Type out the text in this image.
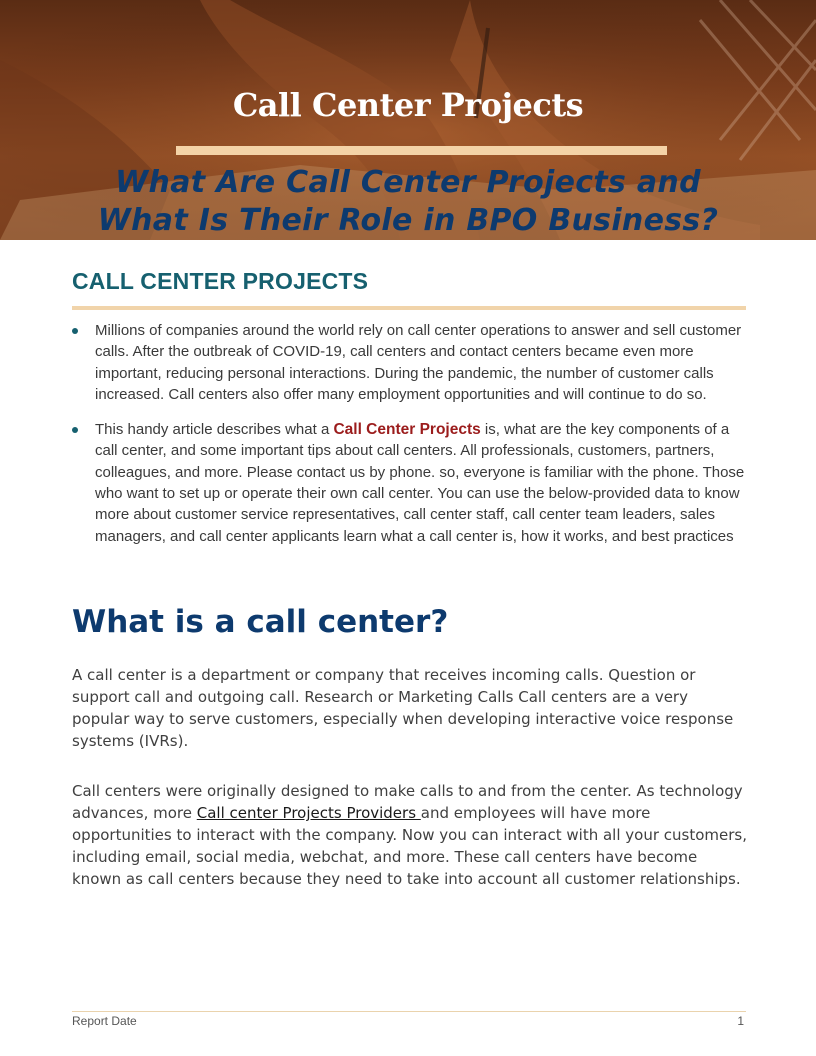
Call Center Projects
What Are Call Center Projects and
What Is Their Role in BPO Business?
CALL CENTER PROJECTS
Millions of companies around the world rely on call center operations to answer and sell customer calls. After the outbreak of COVID-19, call centers and contact centers became even more important, reducing personal interactions. During the pandemic, the number of customer calls increased. Call centers also offer many employment opportunities and will continue to do so.
This handy article describes what a Call Center Projects is, what are the key components of a call center, and some important tips about call centers. All professionals, customers, partners, colleagues, and more. Please contact us by phone. so, everyone is familiar with the phone. Those who want to set up or operate their own call center. You can use the below-provided data to know more about customer service representatives, call center staff, call center team leaders, sales managers, and call center applicants learn what a call center is, how it works, and best practices
What is a call center?

A call center is a department or company that receives incoming calls. Question or support call and outgoing call. Research or Marketing Calls Call centers are a very popular way to serve customers, especially when developing interactive voice response systems (IVRs).

Call centers were originally designed to make calls to and from the center. As technology advances, more Call center Projects Providers and employees will have more opportunities to interact with the company. Now you can interact with all your customers, including email, social media, webchat, and more. These call centers have become known as call centers because they need to take into account all customer relationships.

Report Date	1
